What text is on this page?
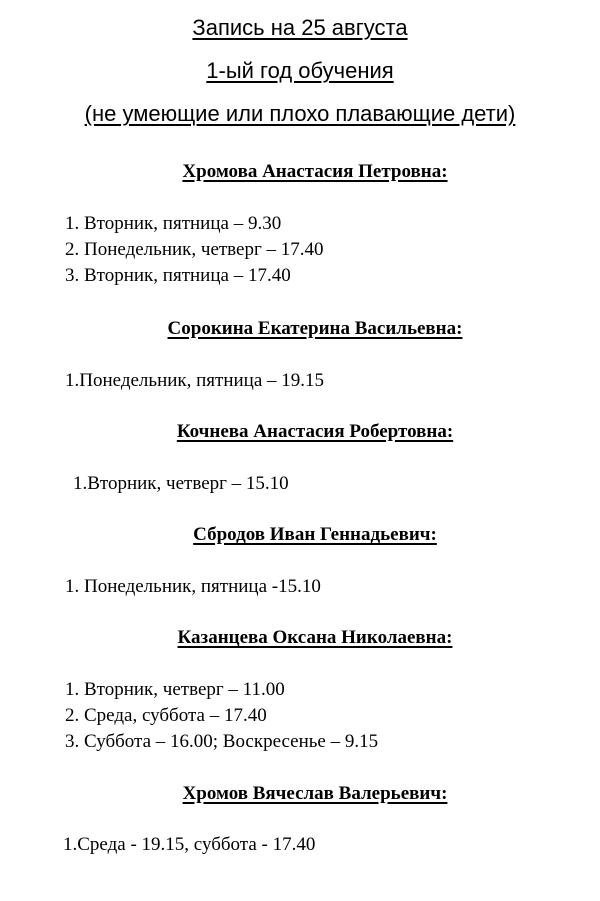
Запись на 25 августа
1-ый год обучения
(не умеющие или плохо плавающие дети)
Хромова Анастасия Петровна:
1. Вторник, пятница – 9.30
2. Понедельник, четверг – 17.40
3. Вторник, пятница – 17.40
Сорокина Екатерина Васильевна:
1.Понедельник, пятница – 19.15
Кочнева Анастасия Робертовна:
1.Вторник, четверг – 15.10
Сбродов Иван Геннадьевич:
1. Понедельник, пятница -15.10
Казанцева Оксана Николаевна:
1. Вторник, четверг – 11.00
2. Среда, суббота – 17.40
3. Суббота – 16.00; Воскресенье – 9.15
Хромов Вячеслав Валерьевич:
1.Среда - 19.15, суббота - 17.40
